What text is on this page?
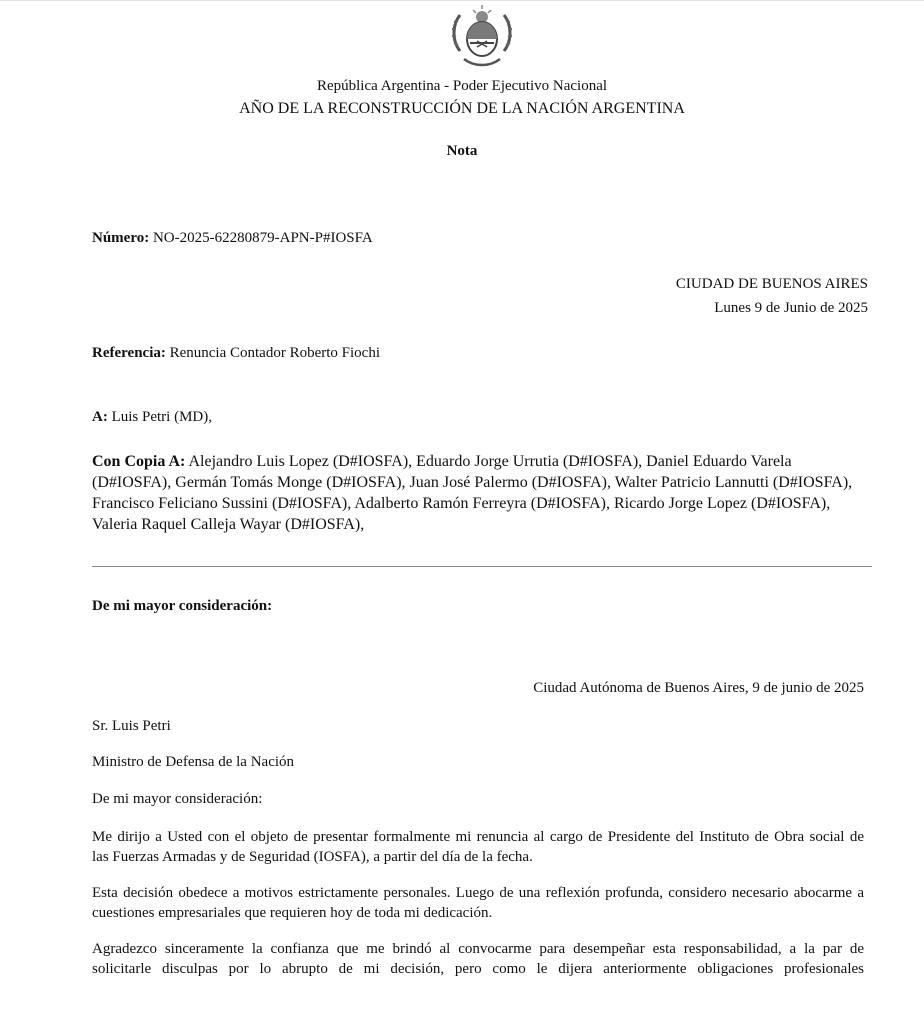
República Argentina - Poder Ejecutivo Nacional
AÑO DE LA RECONSTRUCCIÓN DE LA NACIÓN ARGENTINA
Nota
Número: NO-2025-62280879-APN-P#IOSFA
CIUDAD DE BUENOS AIRES
Lunes 9 de Junio de 2025
Referencia: Renuncia Contador Roberto Fiochi
A: Luis Petri (MD),
Con Copia A: Alejandro Luis Lopez (D#IOSFA), Eduardo Jorge Urrutia (D#IOSFA), Daniel Eduardo Varela (D#IOSFA), Germán Tomás Monge (D#IOSFA), Juan José Palermo (D#IOSFA), Walter Patricio Lannutti (D#IOSFA), Francisco Feliciano Sussini (D#IOSFA), Adalberto Ramón Ferreyra (D#IOSFA), Ricardo Jorge Lopez (D#IOSFA), Valeria Raquel Calleja Wayar (D#IOSFA),
De mi mayor consideración:
Ciudad Autónoma de Buenos Aires, 9 de junio de 2025
Sr. Luis Petri
Ministro de Defensa de la Nación
De mi mayor consideración:
Me dirijo a Usted con el objeto de presentar formalmente mi renuncia al cargo de Presidente del Instituto de Obra social de
las Fuerzas Armadas y de Seguridad (IOSFA), a partir del día de la fecha.
Esta decisión obedece a motivos estrictamente personales. Luego de una reflexión profunda, considero necesario abocarme a
cuestiones empresariales que requieren hoy de toda mi dedicación.
Agradezco sinceramente la confianza que me brindó al convocarme para desempeñar esta responsabilidad, a la par de
solicitarle disculpas por lo abrupto de mi decisión, pero como le dijera anteriormente obligaciones profesionales
